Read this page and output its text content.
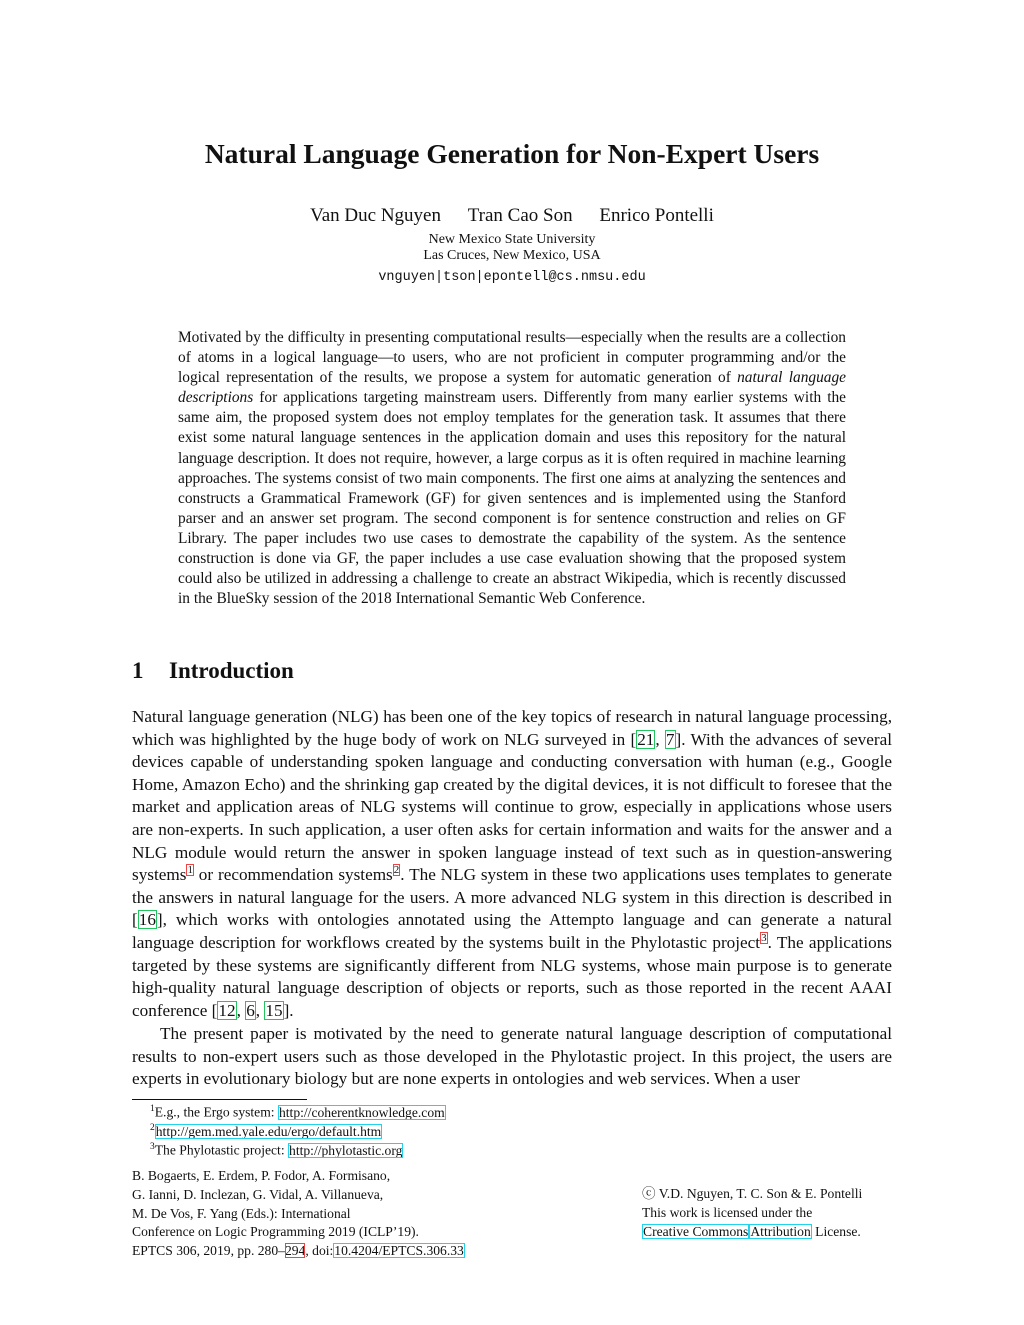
Natural Language Generation for Non-Expert Users
Van Duc Nguyen Tran Cao Son Enrico Pontelli
New Mexico State University
Las Cruces, New Mexico, USA
vnguyen|tson|epontell@cs.nmsu.edu

Motivated by the difficulty in presenting computational results—especially when the results are a collection of atoms in a logical language—to users, who are not proficient in computer programming and/or the logical representation of the results, we propose a system for automatic generation of natural language descriptions for applications targeting mainstream users. Differently from many earlier systems with the same aim, the proposed system does not employ templates for the generation task. It assumes that there exist some natural language sentences in the application domain and uses this repository for the natural language description. It does not require, however, a large corpus as it is often required in machine learning approaches. The systems consist of two main components. The first one aims at analyzing the sentences and constructs a Grammatical Framework (GF) for given sentences and is implemented using the Stanford parser and an answer set program. The second component is for sentence construction and relies on GF Library. The paper includes two use cases to demostrate the capability of the system. As the sentence construction is done via GF, the paper includes a use case evaluation showing that the proposed system could also be utilized in addressing a challenge to create an abstract Wikipedia, which is recently discussed in the BlueSky session of the 2018 International Semantic Web Conference.

1 Introduction

Natural language generation (NLG) has been one of the key topics of research in natural language processing, which was highlighted by the huge body of work on NLG surveyed in [21, 7]. With the advances of several devices capable of understanding spoken language and conducting conversation with human (e.g., Google Home, Amazon Echo) and the shrinking gap created by the digital devices, it is not difficult to foresee that the market and application areas of NLG systems will continue to grow, especially in applications whose users are non-experts. In such application, a user often asks for certain information and waits for the answer and a NLG module would return the answer in spoken language instead of text such as in question-answering systems$^1$ or recommendation systems$^2$. The NLG system in these two applications uses templates to generate the answers in natural language for the users. A more advanced NLG system in this direction is described in [16], which works with ontologies annotated using the Attempto language and can generate a natural language description for workflows created by the systems built in the Phylotastic project$^3$. The applications targeted by these systems are significantly different from NLG systems, whose main purpose is to generate high-quality natural language description of objects or reports, such as those reported in the recent AAAI conference [12, 6, 15].

The present paper is motivated by the need to generate natural language description of computational results to non-expert users such as those developed in the Phylotastic project. In this project, the users are experts in evolutionary biology but are none experts in ontologies and web services. When a user

$^1$E.g., the Ergo system: http://coherentknowledge.com
$^2$http://gem.med.yale.edu/ergo/default.htm
$^3$The Phylotastic project: http://phylotastic.org
B. Bogaerts, E. Erdem, P. Fodor, A. Formisano,
G. Ianni, D. Inclezan, G. Vidal, A. Villanueva,
M. De Vos, F. Yang (Eds.): International
Conference on Logic Programming 2019 (ICLP’19).
EPTCS 306, 2019, pp. 280–294, doi:10.4204/EPTCS.306.33
ⓒ V.D. Nguyen, T. C. Son & E. Pontelli
This work is licensed under the
Creative Commons Attribution License.
